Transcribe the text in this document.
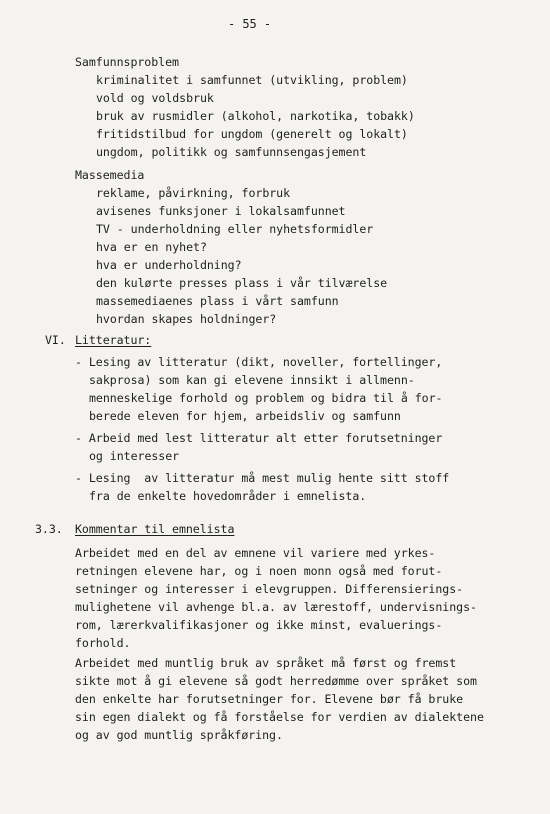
- 55 -
Samfunnsproblem
kriminalitet i samfunnet (utvikling, problem)
vold og voldsbruk
bruk av rusmidler (alkohol, narkotika, tobakk)
fritidstilbud for ungdom (generelt og lokalt)
ungdom, politikk og samfunnsengasjement
Massemedia
reklame, påvirkning, forbruk
avisenes funksjoner i lokalsamfunnet
TV - underholdning eller nyhetsformidler
hva er en nyhet?
hva er underholdning?
den kulørte presses plass i vår tilværelse
massemediaenes plass i vårt samfunn
hvordan skapes holdninger?
VI. Litteratur:
- Lesing av litteratur (dikt, noveller, fortellinger,
sakprosa) som kan gi elevene innsikt i allmenn-
menneskelige forhold og problem og bidra til å for-
berede eleven for hjem, arbeidsliv og samfunn
- Arbeid med lest litteratur alt etter forutsetninger
og interesser
- Lesing  av litteratur må mest mulig hente sitt stoff
fra de enkelte hovedområder i emnelista.
3.3. Kommentar til emnelista
Arbeidet med en del av emnene vil variere med yrkes-
retningen elevene har, og i noen monn også med forut-
setninger og interesser i elevgruppen. Differensierings-
mulighetene vil avhenge bl.a. av lærestoff, undervisnings-
rom, lærerkvalifikasjoner og ikke minst, evaluerings-
forhold.
Arbeidet med muntlig bruk av språket må først og fremst
sikte mot å gi elevene så godt herredømme over språket som
den enkelte har forutsetninger for. Elevene bør få bruke
sin egen dialekt og få forståelse for verdien av dialektene
og av god muntlig språkføring.
